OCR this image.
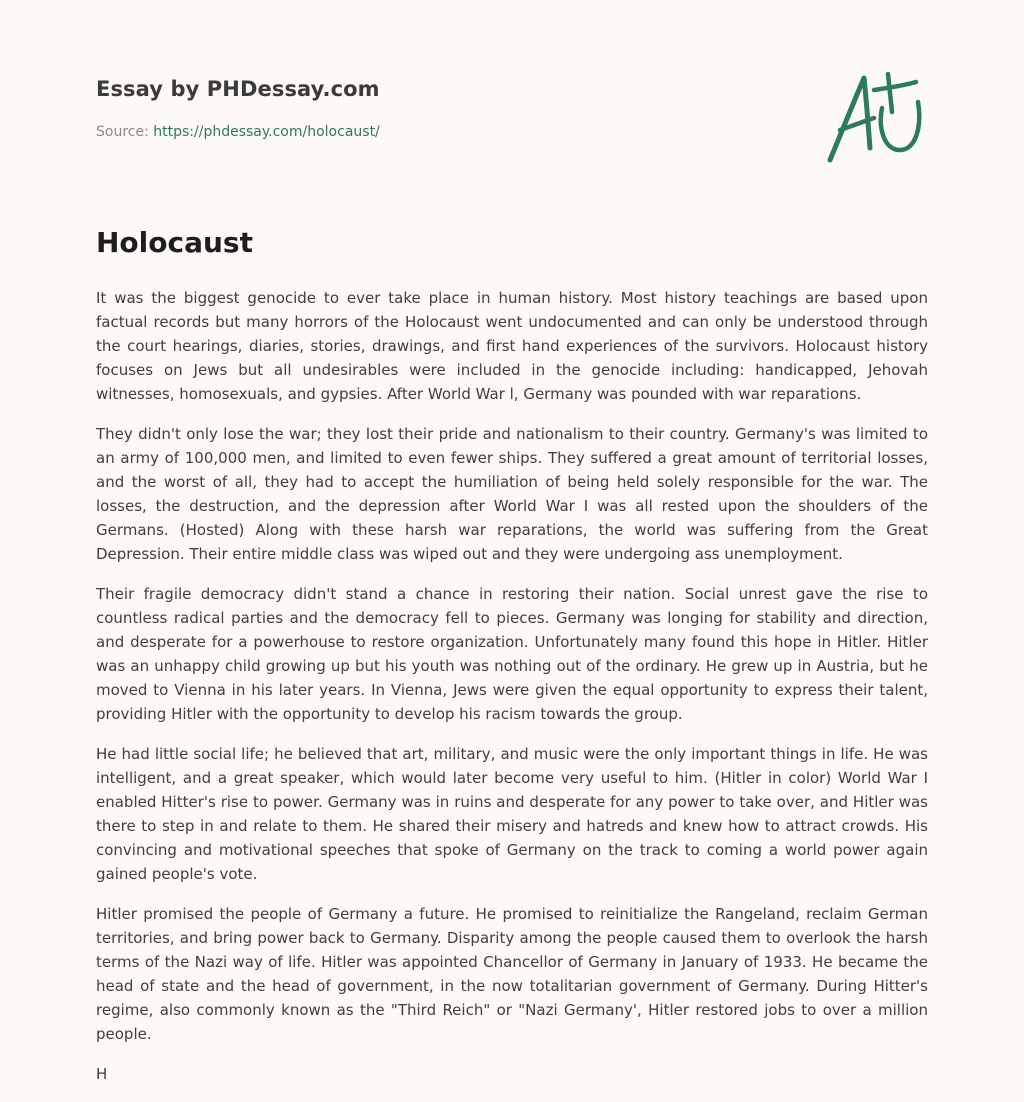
Essay by PHDessay.com
Source: https://phdessay.com/holocaust/
Holocaust

It was the biggest genocide to ever take place in human history. Most history teachings are based upon factual records but many horrors of the Holocaust went undocumented and can only be understood through the court hearings, diaries, stories, drawings, and first hand experiences of the survivors. Holocaust history focuses on Jews but all undesirables were included in the genocide including: handicapped, Jehovah witnesses, homosexuals, and gypsies. After World War l, Germany was pounded with war reparations.

They didn't only lose the war; they lost their pride and nationalism to their country. Germany's was limited to an army of 100,000 men, and limited to even fewer ships. They suffered a great amount of territorial losses, and the worst of all, they had to accept the humiliation of being held solely responsible for the war. The losses, the destruction, and the depression after World War I was all rested upon the shoulders of the Germans. (Hosted) Along with these harsh war reparations, the world was suffering from the Great Depression. Their entire middle class was wiped out and they were undergoing ass unemployment.

Their fragile democracy didn't stand a chance in restoring their nation. Social unrest gave the rise to countless radical parties and the democracy fell to pieces. Germany was longing for stability and direction, and desperate for a powerhouse to restore organization. Unfortunately many found this hope in Hitler. Hitler was an unhappy child growing up but his youth was nothing out of the ordinary. He grew up in Austria, but he moved to Vienna in his later years. In Vienna, Jews were given the equal opportunity to express their talent, providing Hitler with the opportunity to develop his racism towards the group.

He had little social life; he believed that art, military, and music were the only important things in life. He was intelligent, and a great speaker, which would later become very useful to him. (Hitler in color) World War I enabled Hitter's rise to power. Germany was in ruins and desperate for any power to take over, and Hitler was there to step in and relate to them. He shared their misery and hatreds and knew how to attract crowds. His convincing and motivational speeches that spoke of Germany on the track to coming a world power again gained people's vote.

Hitler promised the people of Germany a future. He promised to reinitialize the Rangeland, reclaim German territories, and bring power back to Germany. Disparity among the people caused them to overlook the harsh terms of the Nazi way of life. Hitler was appointed Chancellor of Germany in January of 1933. He became the head of state and the head of government, in the now totalitarian government of Germany. During Hitter's regime, also commonly known as the "Third Reich" or "Nazi Germany', Hitler restored jobs to over a million people.

H
